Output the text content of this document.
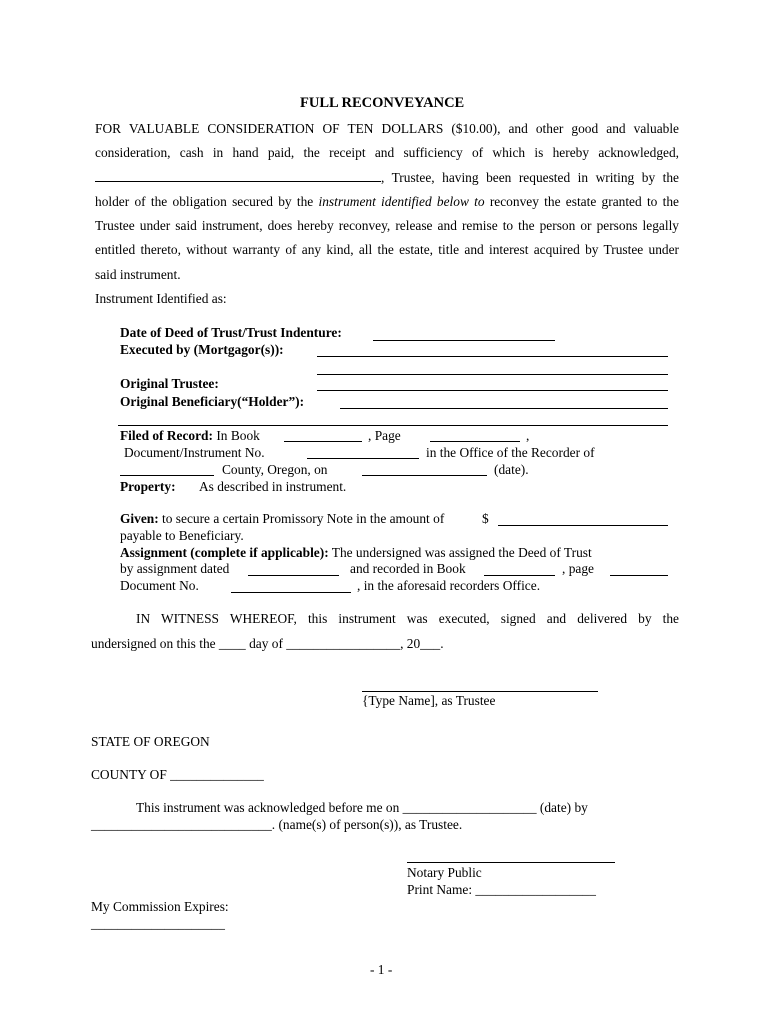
FULL RECONVEYANCE
FOR VALUABLE CONSIDERATION OF TEN DOLLARS ($10.00), and other good and valuable
consideration, cash in hand paid, the receipt and sufficiency of which is hereby acknowledged,
, Trustee, having been requested in writing by the
holder of the obligation secured by the instrument identified below to reconvey the estate granted to the
Trustee under said instrument, does hereby reconvey, release and remise to the person or persons legally
entitled thereto, without warranty of any kind, all the estate, title and interest acquired by Trustee under
said instrument.
Instrument Identified as:
Date of Deed of Trust/Trust Indenture:
Executed by (Mortgagor(s)):
Original Trustee:
Original Beneficiary(“Holder”):
Filed of Record: In Book	, Page	,
Document/Instrument No.	in the Office of the Recorder of
County, Oregon, on	(date).
Property: As described in instrument.
Given: to secure a certain Promissory Note in the amount of	$
payable to Beneficiary.
Assignment (complete if applicable): The undersigned was assigned the Deed of Trust
by assignment dated	and recorded in Book	, page
Document No.	, in the aforesaid recorders Office.
IN WITNESS WHEREOF, this instrument was executed, signed and delivered by the
undersigned on this the ____ day of _________________, 20___.
{Type Name], as Trustee
STATE OF OREGON
COUNTY OF ______________
This instrument was acknowledged before me on ____________________ (date) by
___________________________. (name(s) of person(s)), as Trustee.
Notary Public
Print Name: __________________
My Commission Expires:
____________________
- 1 -
